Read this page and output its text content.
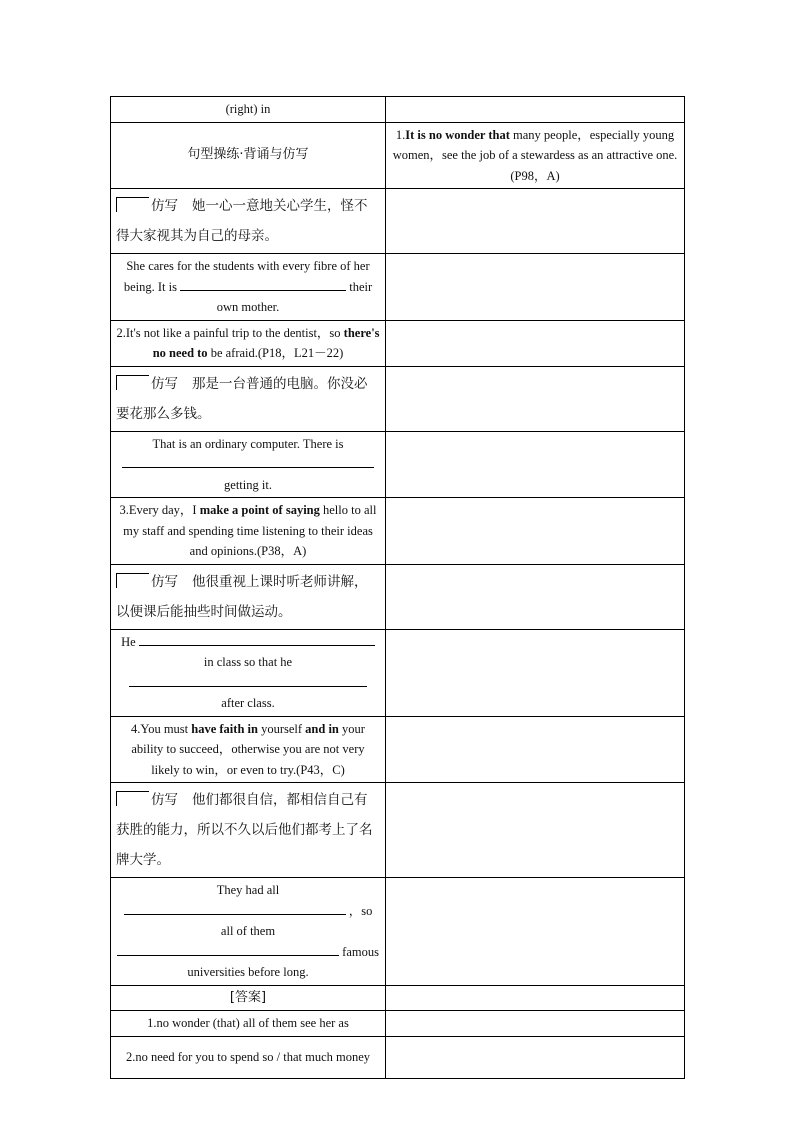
(right) in	
句型操练·背诵与仿写	1.It is no wonder that many people，especially young women，see the job of a stewardess as an attractive one.(P98，A)
仿写 她一心一意地关心学生，怪不得大家视其为自己的母亲。	
She cares for the students with every fibre of her being. It is their own mother.	
2.It's not like a painful trip to the dentist，so there's no need to be afraid.(P18，L21－22)	
仿写 那是一台普通的电脑。你没必要花那么多钱。	
That is an ordinary computer. There is

getting it.	
3.Every day，I make a point of saying hello to all my staff and spending time listening to their ideas and opinions.(P38，A)	
仿写 他很重视上课时听老师讲解，以便课后能抽些时间做运动。	
He  in class so that he  after class.	
4.You must have faith in yourself and in your ability to succeed，otherwise you are not very likely to win，or even to try.(P43，C)	
仿写 他们都很自信，都相信自己有获胜的能力，所以不久以后他们都考上了名牌大学。	
They had all
，so all of them  famous universities before long.	
[答案]	
1.no wonder (that) all of them see her as	
2.no need for you to spend so / that much money	
